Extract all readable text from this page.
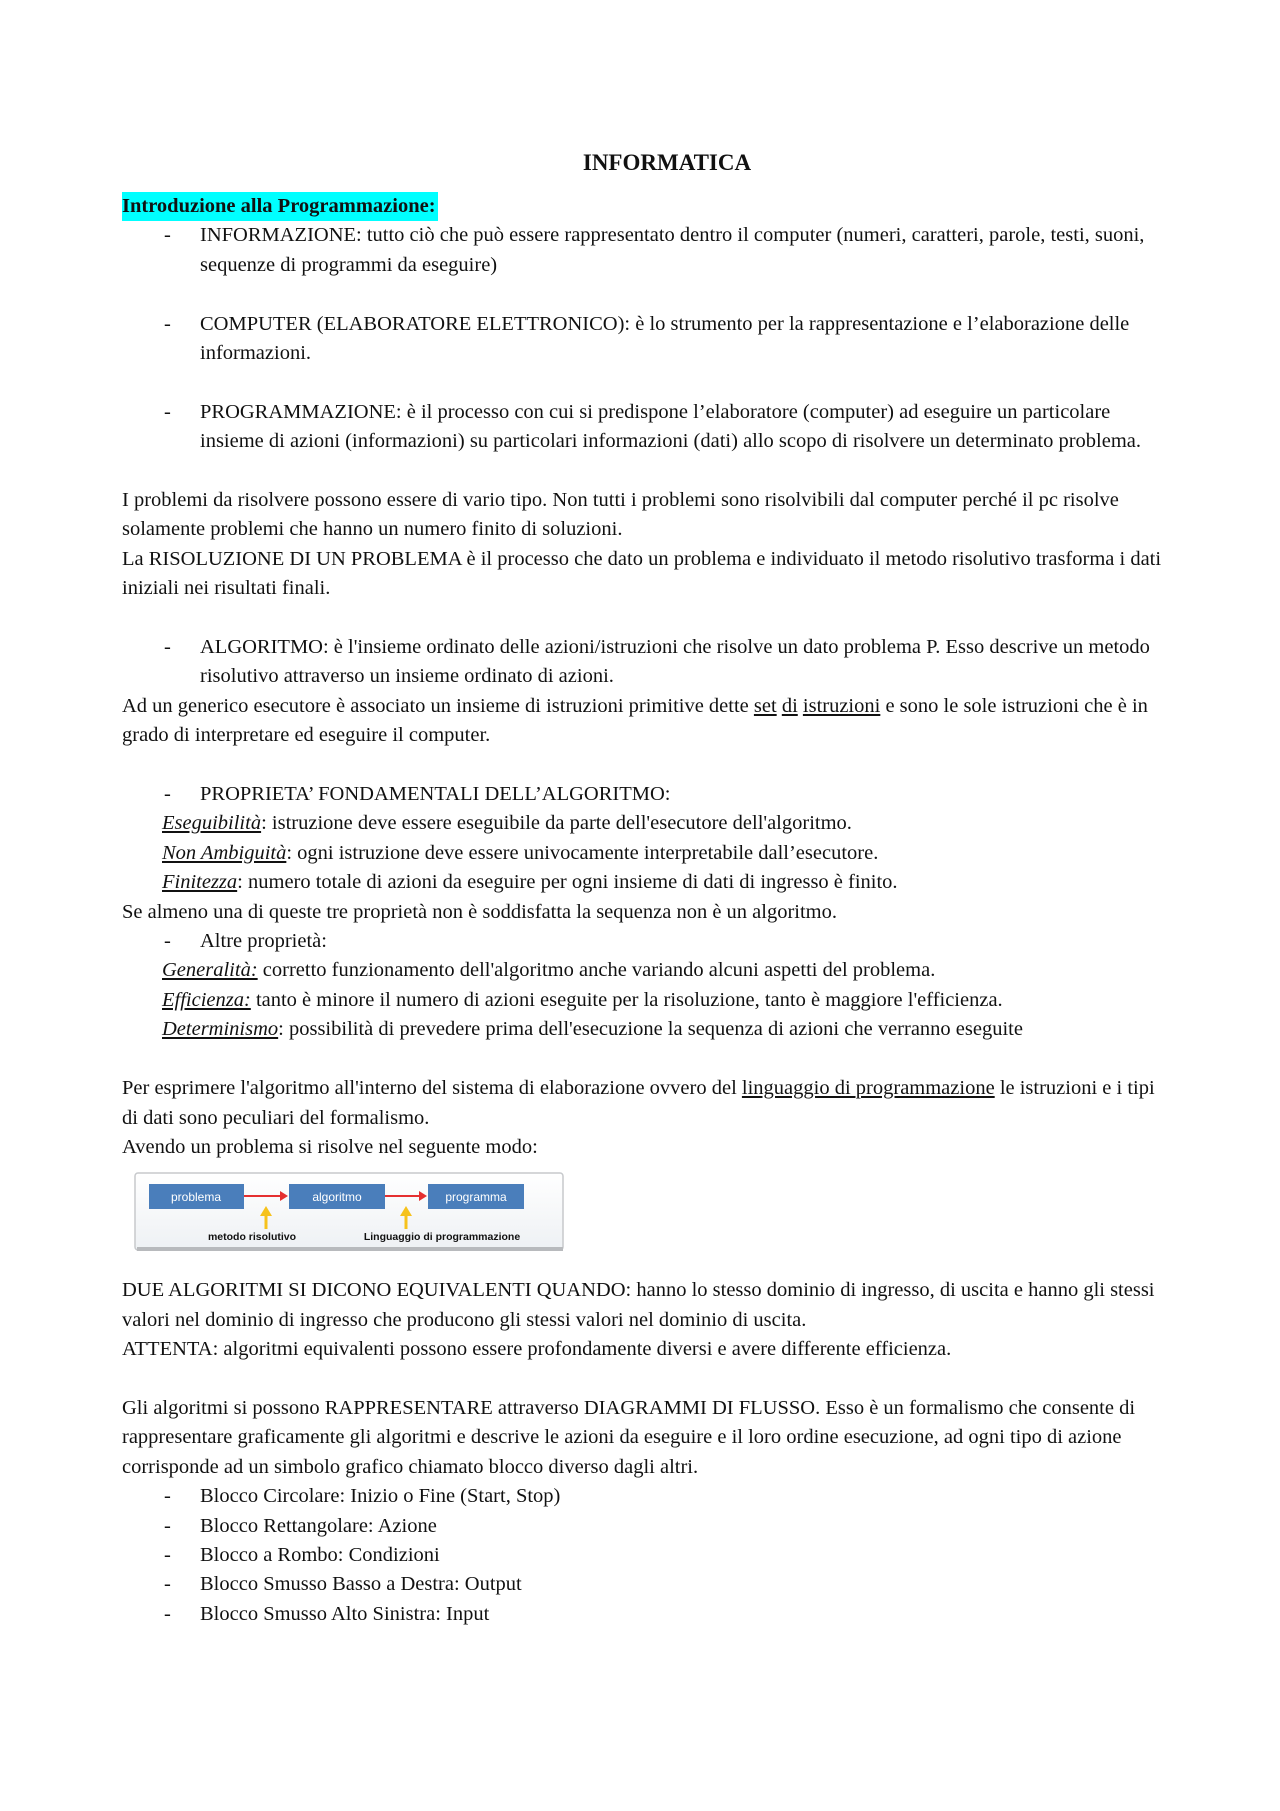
INFORMATICA
Introduzione alla Programmazione:
- INFORMAZIONE: tutto ciò che può essere rappresentato dentro il computer (numeri, caratteri, parole, testi, suoni, sequenze di programmi da eseguire)
- COMPUTER (ELABORATORE ELETTRONICO): è lo strumento per la rappresentazione e l’elaborazione delle informazioni.
- PROGRAMMAZIONE: è il processo con cui si predispone l’elaboratore (computer) ad eseguire un particolare insieme di azioni (informazioni) su particolari informazioni (dati) allo scopo di risolvere un determinato problema.

I problemi da risolvere possono essere di vario tipo. Non tutti i problemi sono risolvibili dal computer perché il pc risolve solamente problemi che hanno un numero finito di soluzioni.

La RISOLUZIONE DI UN PROBLEMA è il processo che dato un problema e individuato il metodo risolutivo trasforma i dati iniziali nei risultati finali.

- ALGORITMO: è l'insieme ordinato delle azioni/istruzioni che risolve un dato problema P. Esso descrive un metodo risolutivo attraverso un insieme ordinato di azioni.

Ad un generico esecutore è associato un insieme di istruzioni primitive dette set di istruzioni e sono le sole istruzioni che è in grado di interpretare ed eseguire il computer.

- PROPRIETA’ FONDAMENTALI DELL’ALGORITMO:

Eseguibilità: istruzione deve essere eseguibile da parte dell'esecutore dell'algoritmo.

Non Ambiguità: ogni istruzione deve essere univocamente interpretabile dall’esecutore.

Finitezza: numero totale di azioni da eseguire per ogni insieme di dati di ingresso è finito.

Se almeno una di queste tre proprietà non è soddisfatta la sequenza non è un algoritmo.

- Altre proprietà:

Generalità: corretto funzionamento dell'algoritmo anche variando alcuni aspetti del problema.

Efficienza: tanto è minore il numero di azioni eseguite per la risoluzione, tanto è maggiore l'efficienza.

Determinismo: possibilità di prevedere prima dell'esecuzione la sequenza di azioni che verranno eseguite

Per esprimere l'algoritmo all'interno del sistema di elaborazione ovvero del linguaggio di programmazione le istruzioni e i tipi di dati sono peculiari del formalismo.

Avendo un problema si risolve nel seguente modo:

problema	algoritmo	programma
metodo risolutivo	Linguaggio di programmazione

DUE ALGORITMI SI DICONO EQUIVALENTI QUANDO: hanno lo stesso dominio di ingresso, di uscita e hanno gli stessi valori nel dominio di ingresso che producono gli stessi valori nel dominio di uscita.

ATTENTA: algoritmi equivalenti possono essere profondamente diversi e avere differente efficienza.

Gli algoritmi si possono RAPPRESENTARE attraverso DIAGRAMMI DI FLUSSO. Esso è un formalismo che consente di rappresentare graficamente gli algoritmi e descrive le azioni da eseguire e il loro ordine esecuzione, ad ogni tipo di azione corrisponde ad un simbolo grafico chiamato blocco diverso dagli altri.

- Blocco Circolare: Inizio o Fine (Start, Stop)
- Blocco Rettangolare: Azione
- Blocco a Rombo: Condizioni
- Blocco Smusso Basso a Destra: Output
- Blocco Smusso Alto Sinistra: Input
